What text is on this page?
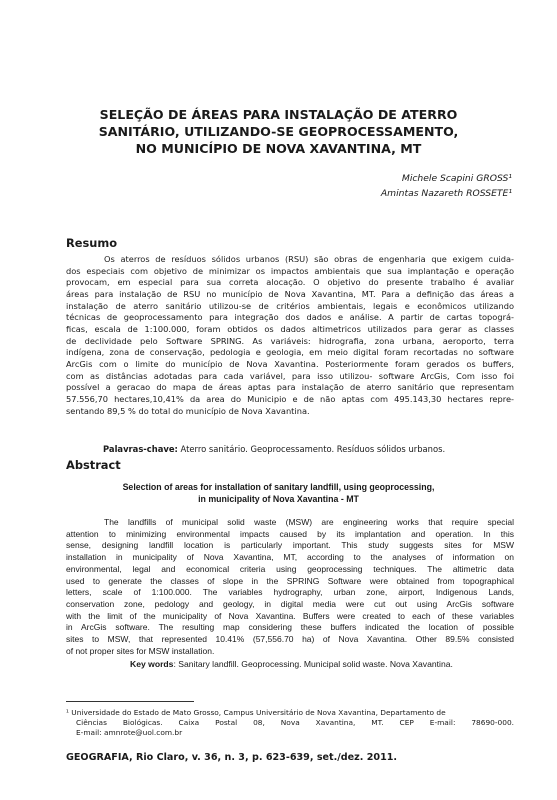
SELEÇÃO DE ÁREAS PARA INSTALAÇÃO DE ATERRO
SANITÁRIO, UTILIZANDO-SE GEOPROCESSAMENTO,
NO MUNICÍPIO DE NOVA XAVANTINA, MT
Michele Scapini GROSS¹
Amintas Nazareth ROSSETE¹
Resumo
Os aterros de resíduos sólidos urbanos (RSU) são obras de engenharia que exigem cuida-
dos especiais com objetivo de minimizar os impactos ambientais que sua implantação e operação
provocam, em especial para sua correta alocação. O objetivo do presente trabalho é avaliar
áreas para instalação de RSU no município de Nova Xavantina, MT. Para a definição das áreas a
instalação de aterro sanitário utilizou-se de critérios ambientais, legais e econômicos utilizando
técnicas de geoprocessamento para integração dos dados e análise. A partir de cartas topográ-
ficas, escala de 1:100.000, foram obtidos os dados altimetricos utilizados para gerar as classes
de declividade pelo Software SPRING. As variáveis: hidrografia, zona urbana, aeroporto, terra
indígena, zona de conservação, pedologia e geologia, em meio digital foram recortadas no software
ArcGis com o limite do município de Nova Xavantina. Posteriormente foram gerados os buffers,
com as distâncias adotadas para cada variável, para isso utilizou- software ArcGis, Com isso foi
possível a geracao do mapa de áreas aptas para instalação de aterro sanitário que representam
57.556,70 hectares,10,41% da area do Municipio e de não aptas com 495.143,30 hectares repre-
sentando 89,5 % do total do município de Nova Xavantina.
Palavras-chave: Aterro sanitário. Geoprocessamento. Resíduos sólidos urbanos.
Abstract
Selection of areas for installation of sanitary landfill, using geoprocessing,
in municipality of Nova Xavantina - MT
The landfills of municipal solid waste (MSW) are engineering works that require special
attention to minimizing environmental impacts caused by its implantation and operation. In this
sense, designing landfill location is particularly important. This study suggests sites for MSW
installation in municipality of Nova Xavantina, MT, according to the analyses of information on
environmental, legal and economical criteria using geoprocessing techniques. The altimetric data
used to generate the classes of slope in the SPRING Software were obtained from topographical
letters, scale of 1:100.000. The variables hydrography, urban zone, airport, Indigenous Lands,
conservation zone, pedology and geology, in digital media were cut out using ArcGis software
with the limit of the municipality of Nova Xavantina. Buffers were created to each of these variables
in ArcGis software. The resulting map considering these buffers indicated the location of possible
sites to MSW, that represented 10.41% (57,556.70 ha) of Nova Xavantina. Other 89.5% consisted
of not proper sites for MSW installation.
Key words: Sanitary landfill. Geoprocessing. Municipal solid waste. Nova Xavantina.
¹ Universidade do Estado de Mato Grosso, Campus Universitário de Nova Xavantina, Departamento de
Ciências Biológicas. Caixa Postal 08, Nova Xavantina, MT. CEP E-mail: 78690-000.
E-mail: amnrote@uol.com.br
GEOGRAFIA, Rio Claro, v. 36, n. 3, p. 623-639, set./dez. 2011.
